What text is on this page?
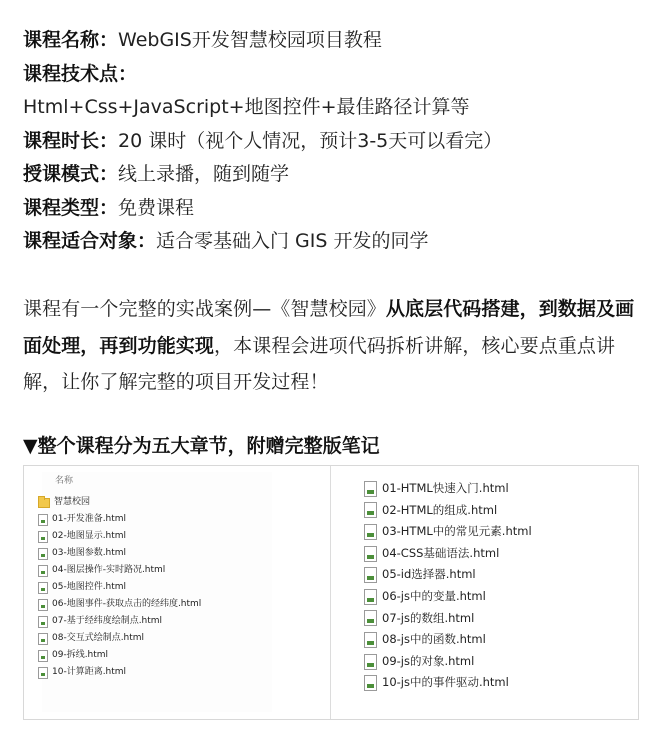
课程名称：WebGIS开发智慧校园项目教程
课程技术点：
Html+Css+JavaScript+地图控件+最佳路径计算等
课程时长：20 课时（视个人情况，预计3-5天可以看完）
授课模式：线上录播，随到随学
课程类型：免费课程
课程适合对象：适合零基础入门 GIS 开发的同学

课程有一个完整的实战案例—《智慧校园》从底层代码搭建，到数据及画面处理，再到功能实现，本课程会进项代码拆析讲解，核心要点重点讲解，让你了解完整的项目开发过程！

▼整个课程分为五大章节，附赠完整版笔记
名称
智慧校园
01-开发准备.html
02-地图显示.html
03-地图参数.html
04-图层操作-实时路况.html
05-地图控件.html
06-地图事件-获取点击的经纬度.html
07-基于经纬度绘制点.html
08-交互式绘制点.html
09-拆线.html
10-计算距离.html
01-HTML快速入门.html
02-HTML的组成.html
03-HTML中的常见元素.html
04-CSS基础语法.html
05-id选择器.html
06-js中的变量.html
07-js的数组.html
08-js中的函数.html
09-js的对象.html
10-js中的事件驱动.html
